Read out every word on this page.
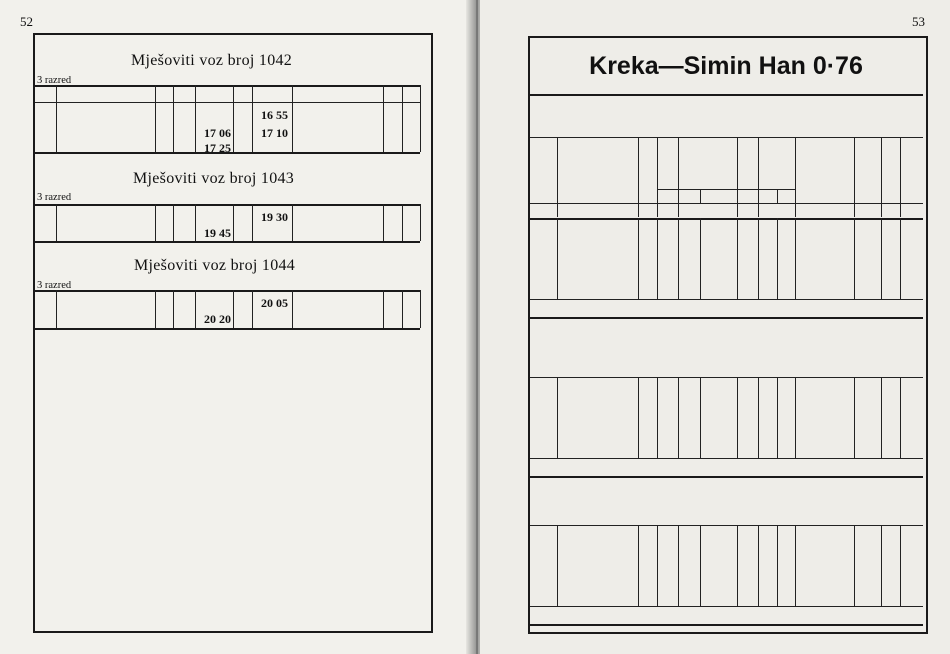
52
Mješoviti voz broj 1042
3 razred
16 55
17 06	17 10
17 25
Mješoviti voz broj 1043
3 razred
19 30
19 45
Mješoviti voz broj 1044
3 razred
20 05
20 20
53
Kreka—Simin Han 0·76
